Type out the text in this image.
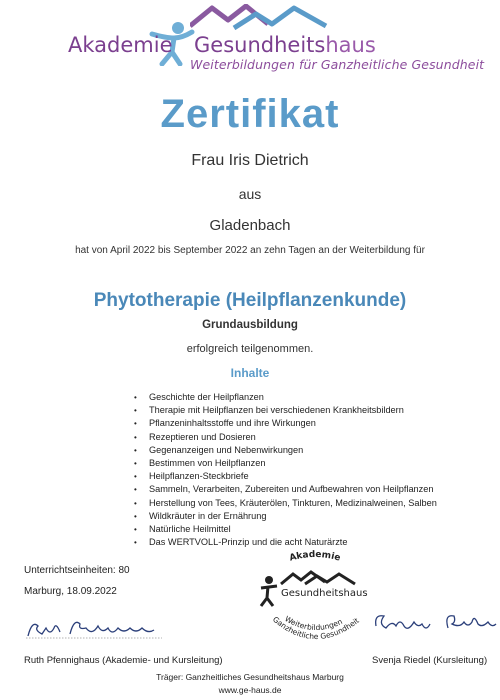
Akademie Gesundheitshaus
Weiterbildungen für Ganzheitliche Gesundheit
Zertifikat
Frau Iris Dietrich
aus
Gladenbach
hat von April 2022 bis September 2022 an zehn Tagen an der Weiterbildung für
Phytotherapie (Heilpflanzenkunde)
Grundausbildung
erfolgreich teilgenommen.
Inhalte
• Geschichte der Heilpflanzen
• Therapie mit Heilpflanzen bei verschiedenen Krankheitsbildern
• Pflanzeninhaltsstoffe und ihre Wirkungen
• Rezeptieren und Dosieren
• Gegenanzeigen und Nebenwirkungen
• Bestimmen von Heilpflanzen
• Heilpflanzen-Steckbriefe
• Sammeln, Verarbeiten, Zubereiten und Aufbewahren von Heilpflanzen
• Herstellung von Tees, Kräuterölen, Tinkturen, Medizinalweinen, Salben
• Wildkräuter in der Ernährung
• Natürliche Heilmittel
• Das WERTVOLL-Prinzip und die acht Naturärzte
Unterrichtseinheiten: 80
Marburg, 18.09.2022
Akademie
Gesundheitshaus
Weiterbildungen
Ganzheitliche Gesundheit
Ruth Pfennighaus (Akademie- und Kursleitung)	Svenja Riedel (Kursleitung)
Träger: Ganzheitliches Gesundheitshaus Marburg
www.ge-haus.de
